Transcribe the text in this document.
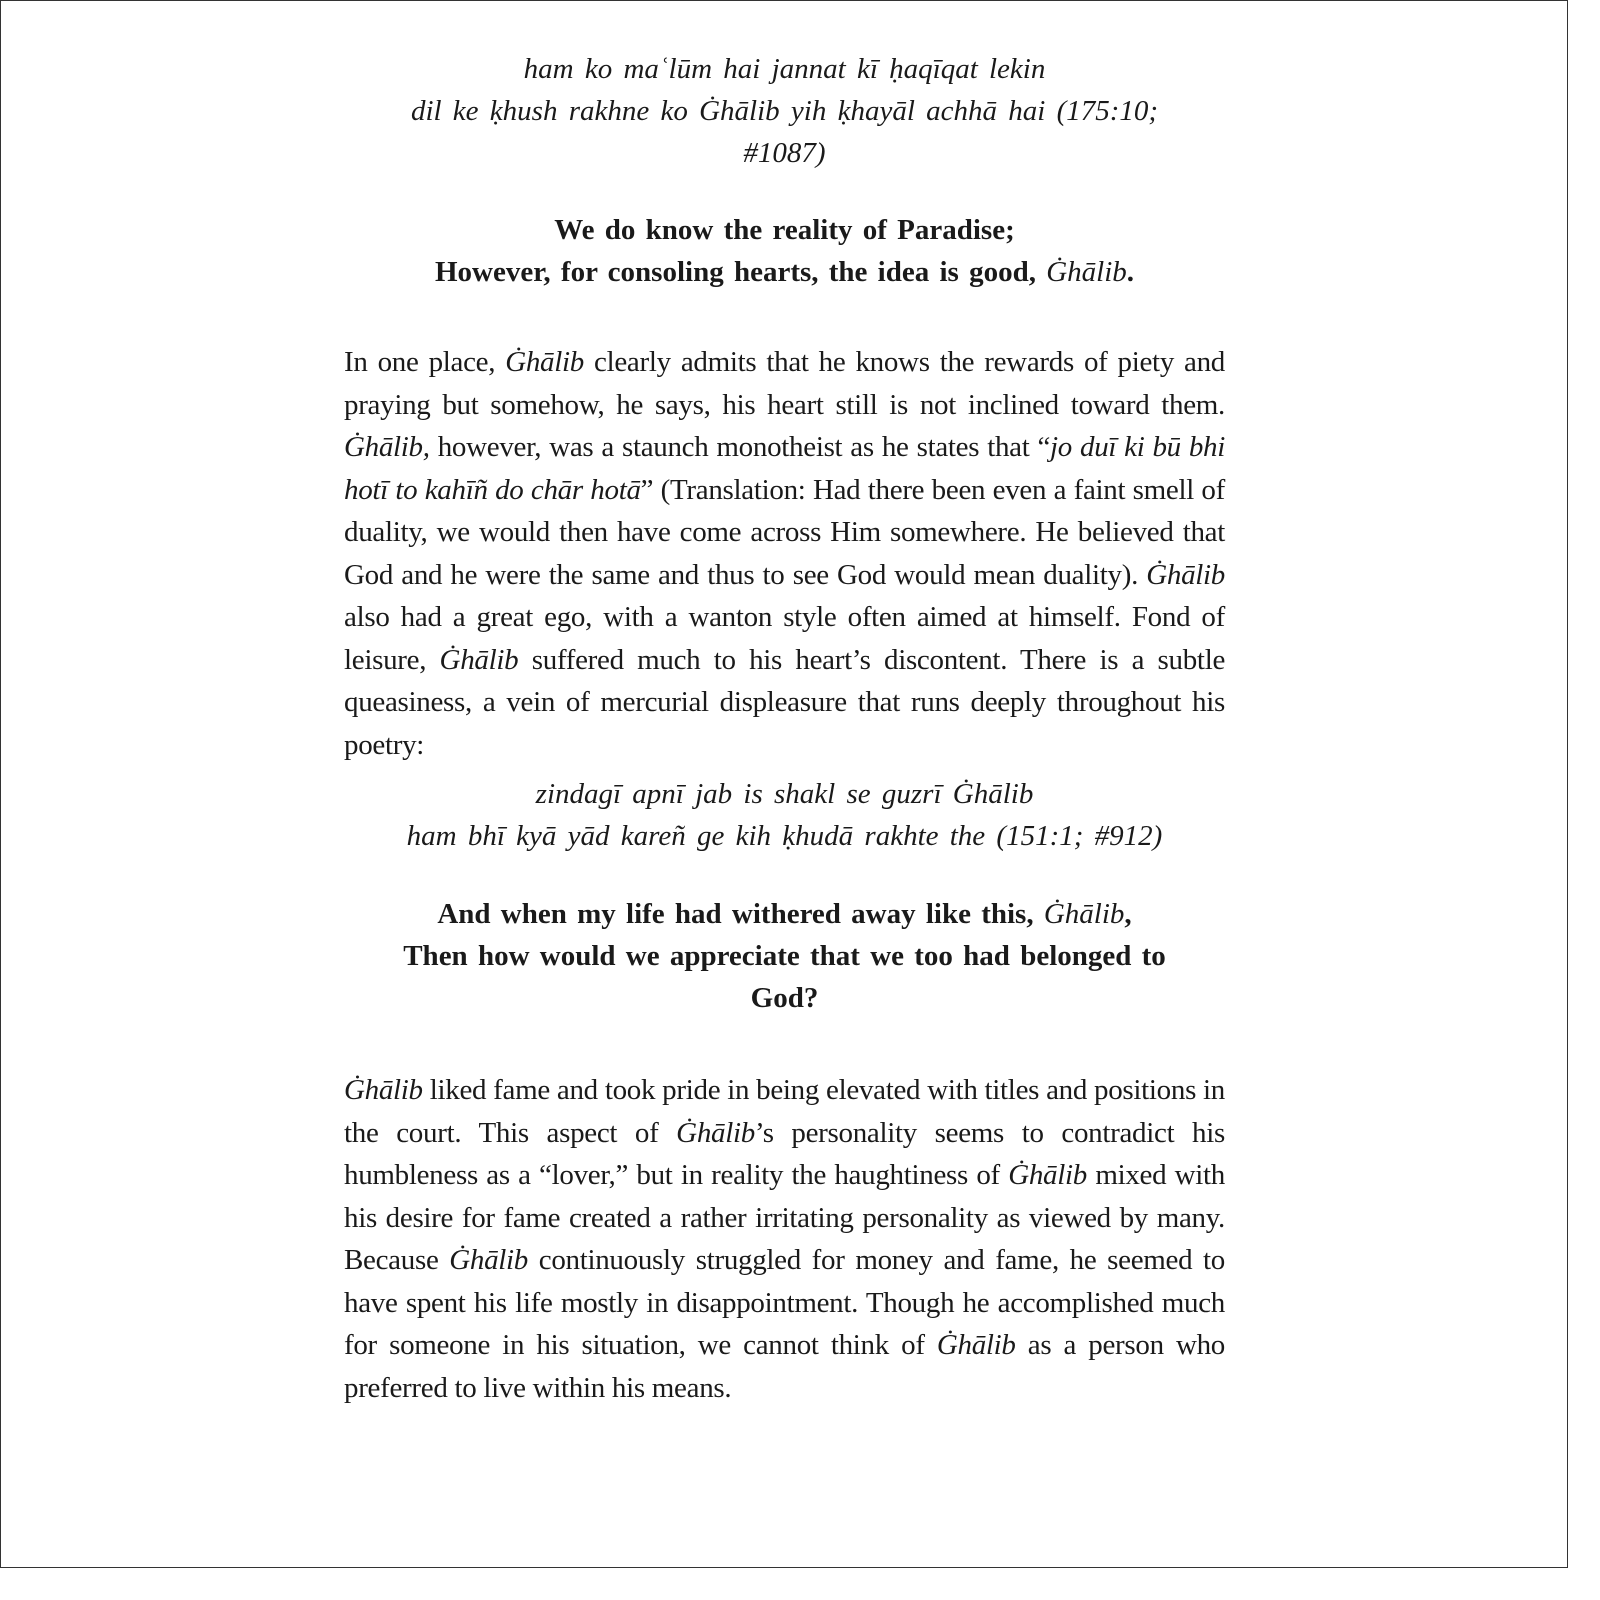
ham ko maʿlūm hai jannat kī ḥaqīqat lekin
dil ke ḳhush rakhne ko Ġhālib yih ḳhayāl achhā hai (175:10;
#1087)
We do know the reality of Paradise;
However, for consoling hearts, the idea is good, Ġhālib.

In one place, Ġhālib clearly admits that he knows the rewards of piety and praying but somehow, he says, his heart still is not inclined toward them. Ġhālib, however, was a staunch monotheist as he states that “jo duī ki bū bhi hotī to kahīñ do chār hotā” (Translation: Had there been even a faint smell of duality, we would then have come across Him somewhere. He believed that God and he were the same and thus to see God would mean duality). Ġhālib also had a great ego, with a wanton style often aimed at himself. Fond of leisure, Ġhālib suffered much to his heart’s discontent. There is a subtle queasiness, a vein of mercurial displeasure that runs deeply throughout his poetry:

zindagī apnī jab is shakl se guzrī Ġhālib
ham bhī kyā yād kareñ ge kih ḳhudā rakhte the (151:1; #912)
And when my life had withered away like this, Ġhālib,
Then how would we appreciate that we too had belonged to
God?

Ġhālib liked fame and took pride in being elevated with titles and positions in the court. This aspect of Ġhālib’s personality seems to contradict his humbleness as a “lover,” but in reality the haughtiness of Ġhālib mixed with his desire for fame created a rather irritating personality as viewed by many. Because Ġhālib continuously struggled for money and fame, he seemed to have spent his life mostly in disappointment. Though he accomplished much for someone in his situation, we cannot think of Ġhālib as a person who preferred to live within his means.
